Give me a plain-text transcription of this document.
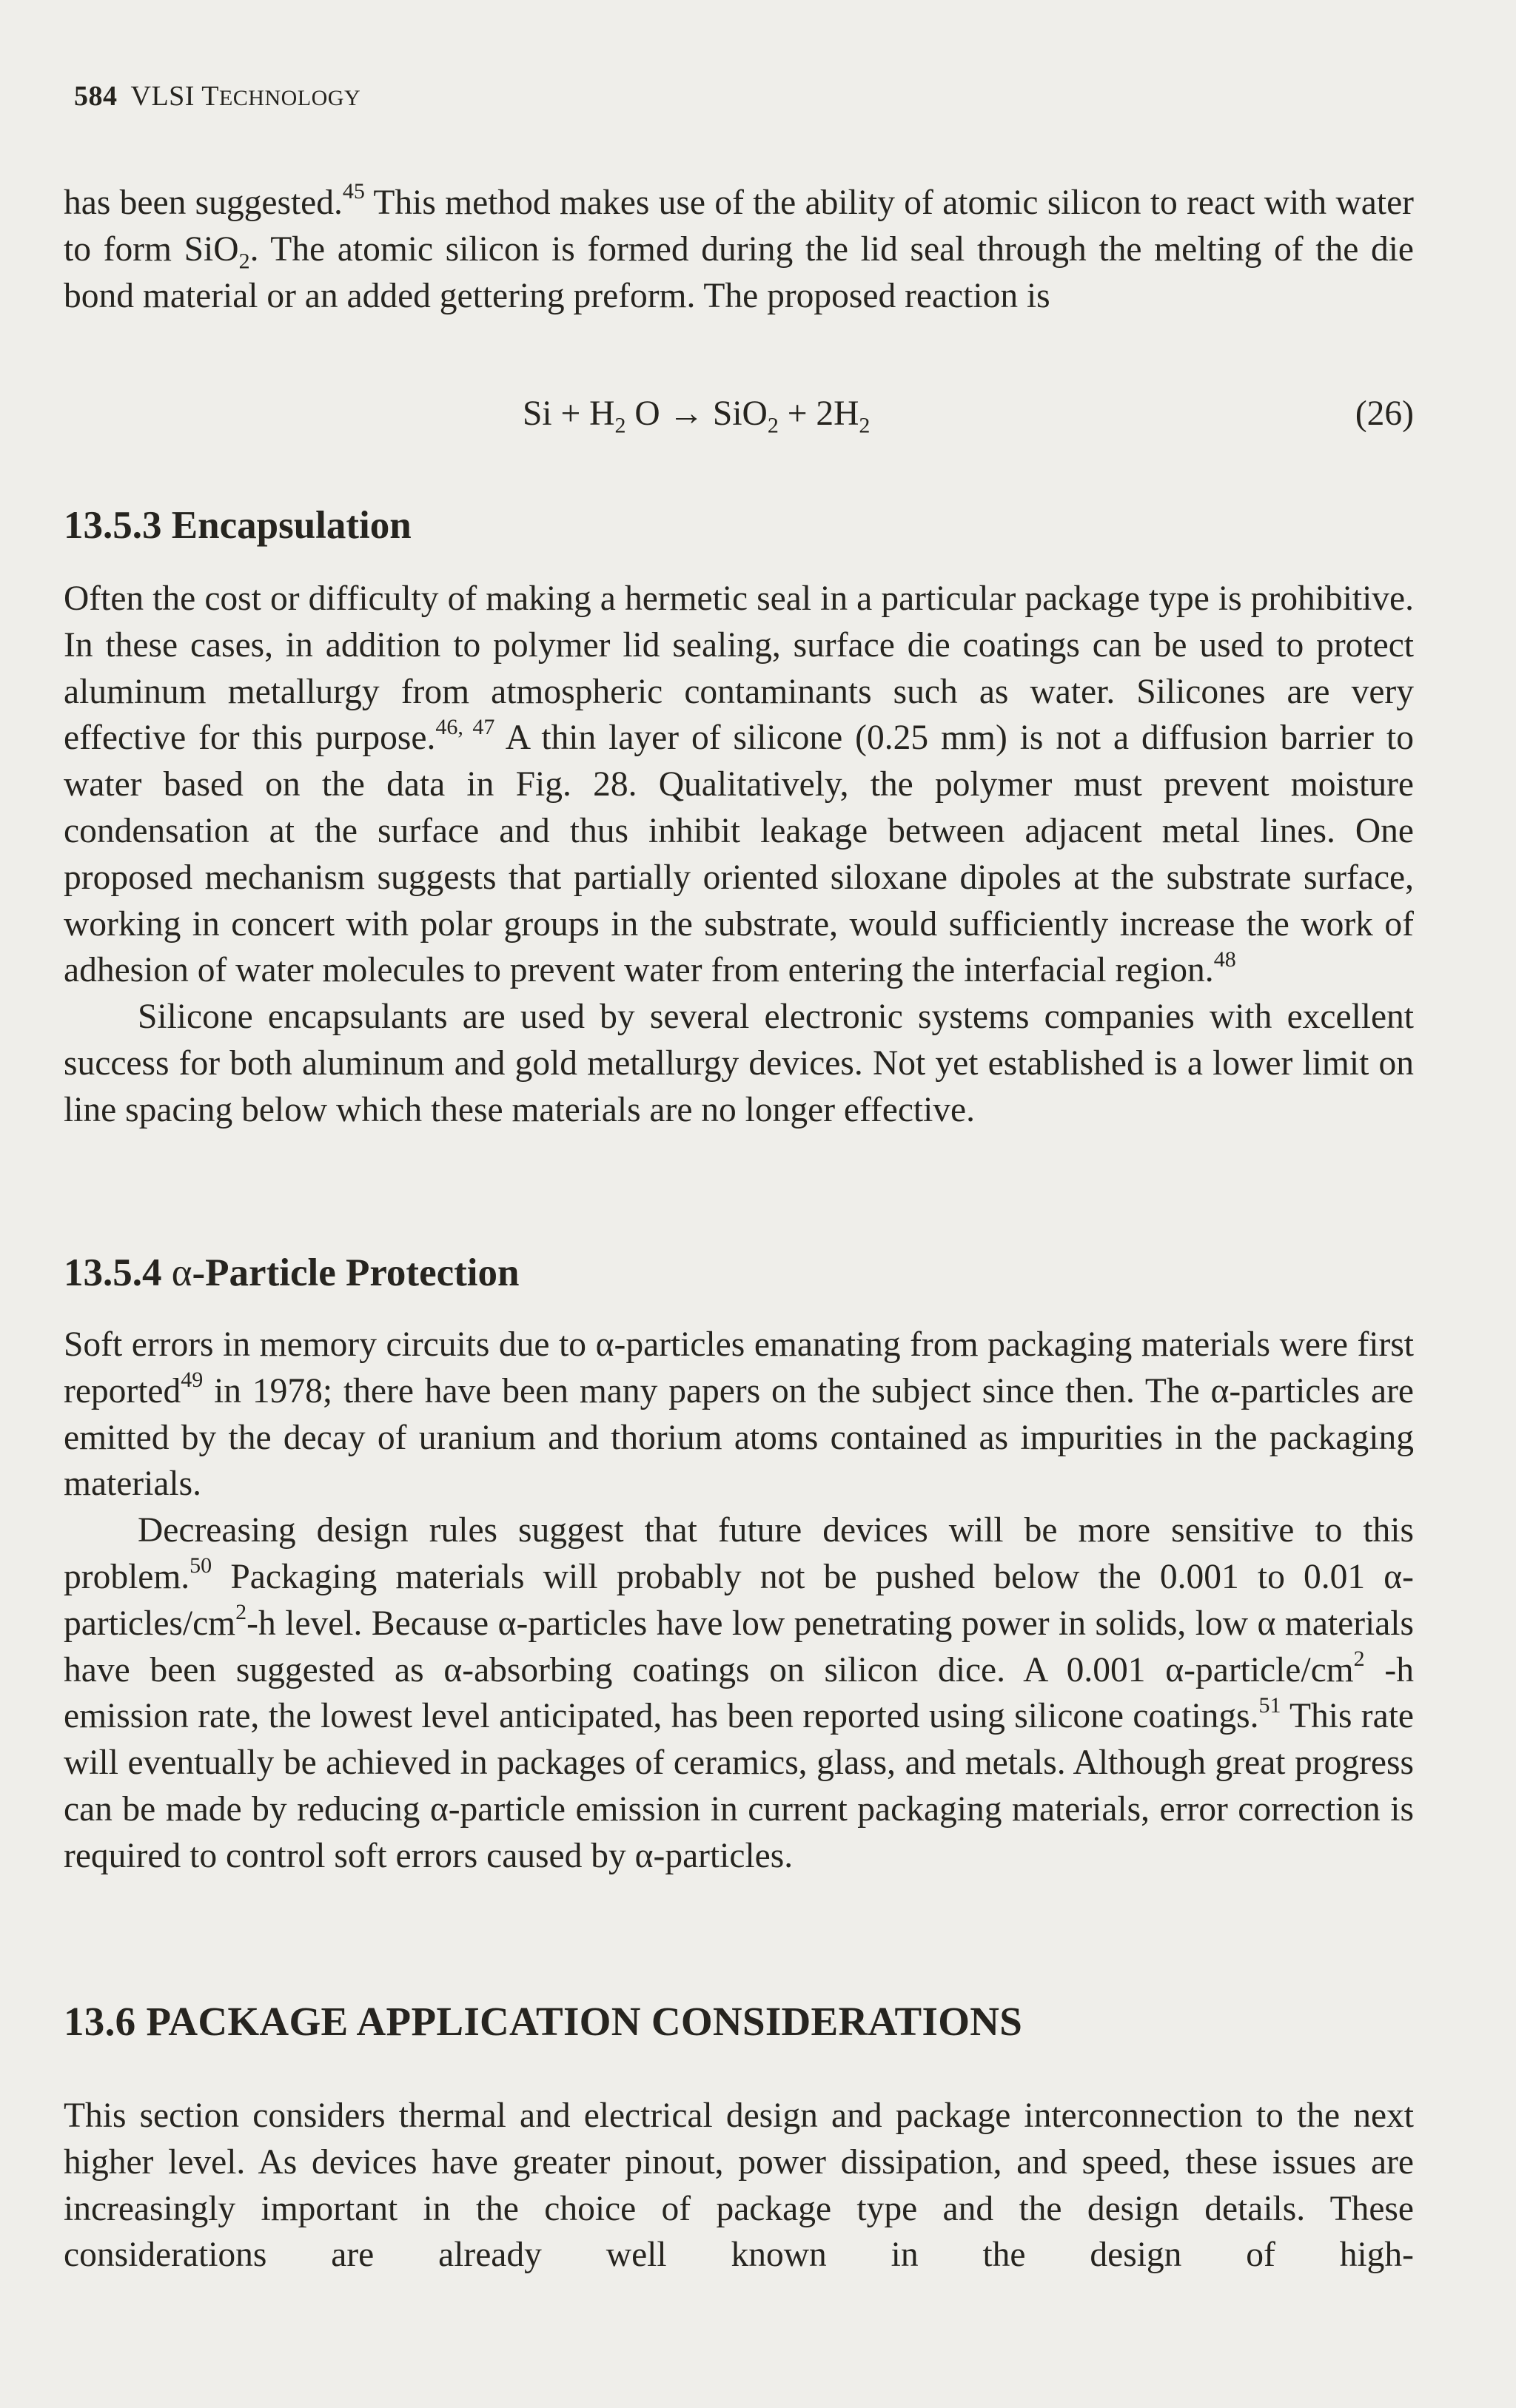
584 VLSI TECHNOLOGY

has been suggested.$^{45}$ This method makes use of the ability of atomic silicon to react with water to form SiO$_2$. The atomic silicon is formed during the lid seal through the melting of the die bond material or an added gettering preform. The proposed reaction is

$Si + H_2$ $O \to SiO_2 + 2H_2$	(26)
13.5.3 Encapsulation

Often the cost or difficulty of making a hermetic seal in a particular package type is prohibitive. In these cases, in addition to polymer lid sealing, surface die coatings can be used to protect aluminum metallurgy from atmospheric contaminants such as water. Silicones are very effective for this purpose.$^{46, 47}$ A thin layer of silicone (0.25 mm) is not a diffusion barrier to water based on the data in Fig. 28. Qualitatively, the polymer must prevent moisture condensation at the surface and thus inhibit leakage between adjacent metal lines. One proposed mechanism suggests that partially oriented siloxane dipoles at the substrate surface, working in concert with polar groups in the substrate, would sufficiently increase the work of adhesion of water molecules to prevent water from entering the interfacial region.$^{48}$

Silicone encapsulants are used by several electronic systems companies with excellent success for both aluminum and gold metallurgy devices. Not yet established is a lower limit on line spacing below which these materials are no longer effective.

13.5.4 α-Particle Protection

Soft errors in memory circuits due to α-particles emanating from packaging materials were first reported$^{49}$ in 1978; there have been many papers on the subject since then. The α-particles are emitted by the decay of uranium and thorium atoms contained as impurities in the packaging materials.

Decreasing design rules suggest that future devices will be more sensitive to this problem.$^{50}$ Packaging materials will probably not be pushed below the 0.001 to 0.01 $\alpha-particles/cm^2-h$ level. Because α-particles have low penetrating power in solids, low α materials have been suggested as α-absorbing coatings on silicon dice. A 0.001 $\alpha-particle/cm^2$ -h emission rate, the lowest level anticipated, has been reported using silicone coatings.$^{51}$ This rate will eventually be achieved in packages of ceramics, glass, and metals. Although great progress can be made by reducing α-particle emission in current packaging materials, error correction is required to control soft errors caused by α-particles.

13.6 PACKAGE APPLICATION CONSIDERATIONS

This section considers thermal and electrical design and package interconnection to the next higher level. As devices have greater pinout, power dissipation, and speed, these issues are increasingly important in the choice of package type and the design details. These considerations are already well known in the design of high-
